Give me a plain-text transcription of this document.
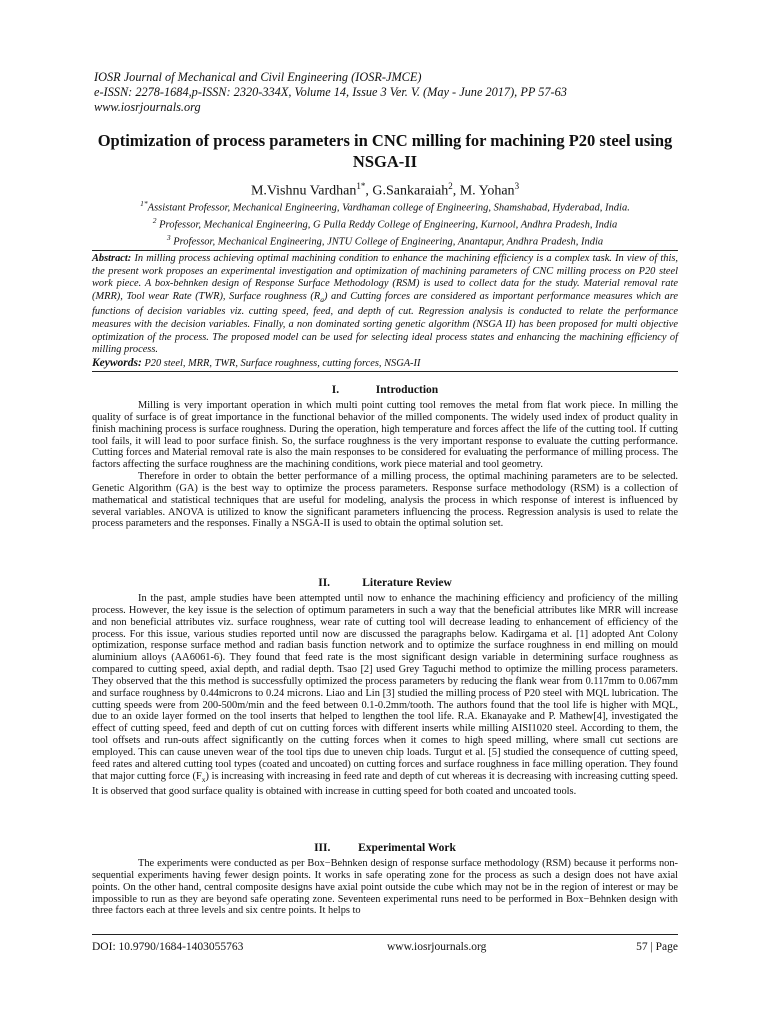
IOSR Journal of Mechanical and Civil Engineering (IOSR-JMCE)
e-ISSN: 2278-1684,p-ISSN: 2320-334X, Volume 14, Issue 3 Ver. V. (May - June 2017), PP 57-63
www.iosrjournals.org
Optimization of process parameters in CNC milling for machining P20 steel using NSGA-II
M.Vishnu Vardhan$^{1*}$, G.Sankaraiah$^2$, M. Yohan$^3$
$^{1*}$Assistant Professor, Mechanical Engineering, Vardhaman college of Engineering, Shamshabad, Hyderabad, India.
$^2$ Professor, Mechanical Engineering, G Pulla Reddy College of Engineering, Kurnool, Andhra Pradesh, India
$^3$ Professor, Mechanical Engineering, JNTU College of Engineering, Anantapur, Andhra Pradesh, India

Abstract: In milling process achieving optimal machining condition to enhance the machining efficiency is a complex task. In view of this, the present work proposes an experimental investigation and optimization of machining parameters of CNC milling process on P20 steel work piece. A box-behnken design of Response Surface Methodology (RSM) is used to collect data for the study. Material removal rate (MRR), Tool wear Rate (TWR), Surface roughness $(R_a)$ and Cutting forces are considered as important performance measures which are functions of decision variables viz. cutting speed, feed, and depth of cut. Regression analysis is conducted to relate the performance measures with the decision variables. Finally, a non dominated sorting genetic algorithm (NSGA II) has been proposed for multi objective optimization of the process. The proposed model can be used for selecting ideal process states and enhancing the machining efficiency of milling process.

Keywords: P20 steel, MRR, TWR, Surface roughness, cutting forces, NSGA-II

I.	Introduction

Milling is very important operation in which multi point cutting tool removes the metal from flat work piece. In milling the quality of surface is of great importance in the functional behavior of the milled components. The widely used index of product quality in finish machining process is surface roughness. During the operation, high temperature and forces affect the life of the cutting tool. If cutting tool fails, it will lead to poor surface finish. So, the surface roughness is the very important response to evaluate the cutting performance. Cutting forces and Material removal rate is also the main responses to be considered for evaluating the performance of milling process. The factors affecting the surface roughness are the machining conditions, work piece material and tool geometry.

Therefore in order to obtain the better performance of a milling process, the optimal machining parameters are to be selected. Genetic Algorithm (GA) is the best way to optimize the process parameters. Response surface methodology (RSM) is a collection of mathematical and statistical techniques that are useful for modeling, analysis the process in which response of interest is influenced by several variables. ANOVA is utilized to know the significant parameters influencing the process. Regression analysis is used to relate the process parameters and the responses. Finally a NSGA-II is used to obtain the optimal solution set.

II.	Literature Review

In the past, ample studies have been attempted until now to enhance the machining efficiency and proficiency of the milling process. However, the key issue is the selection of optimum parameters in such a way that the beneficial attributes like MRR will increase and non beneficial attributes viz. surface roughness, wear rate of cutting tool will decrease leading to enhancement of efficiency of the process. For this issue, various studies reported until now are discussed the paragraphs below. Kadirgama et al. [1] adopted Ant Colony optimization, response surface method and radian basis function network and to optimize the surface roughness in end milling on mould aluminium alloys (AA6061-6). They found that feed rate is the most significant design variable in determining surface roughness as compared to cutting speed, axial depth, and radial depth. Tsao [2] used Grey Taguchi method to optimize the milling process parameters. They observed that the this method is successfully optimized the process parameters by reducing the flank wear from 0.117mm to 0.067mm and surface roughness by 0.44microns to 0.24 microns. Liao and Lin [3] studied the milling process of P20 steel with MQL lubrication. The cutting speeds were from 200-500m/min and the feed between 0.1-0.2mm/tooth. The authors found that the tool life is higher with MQL, due to an oxide layer formed on the tool inserts that helped to lengthen the tool life. R.A. Ekanayake and P. Mathew[4], investigated the effect of cutting speed, feed and depth of cut on cutting forces with different inserts while milling AISI1020 steel. According to them, the tool offsets and run-outs affect significantly on the cutting forces when it comes to high speed milling, where small cut sections are employed. This can cause uneven wear of the tool tips due to uneven chip loads. Turgut et al. [5] studied the consequence of cutting speed, feed rates and altered cutting tool types (coated and uncoated) on cutting forces and surface roughness in face milling operation. They found that major cutting force $(F_x)$ is increasing with increasing in feed rate and depth of cut whereas it is decreasing with increasing cutting speed. It is observed that good surface quality is obtained with increase in cutting speed for both coated and uncoated tools.

III. Experimental Work

The experiments were conducted as per Box−Behnken design of response surface methodology (RSM) because it performs non-sequential experiments having fewer design points. It works in safe operating zone for the process as such a design does not have axial points. On the other hand, central composite designs have axial point outside the cube which may not be in the region of interest or may be impossible to run as they are beyond safe operating zone. Seventeen experimental runs need to be performed in Box−Behnken design with three factors each at three levels and six centre points. It helps to

DOI: 10.9790/1684-1403055763	www.iosrjournals.org	57 | Page
